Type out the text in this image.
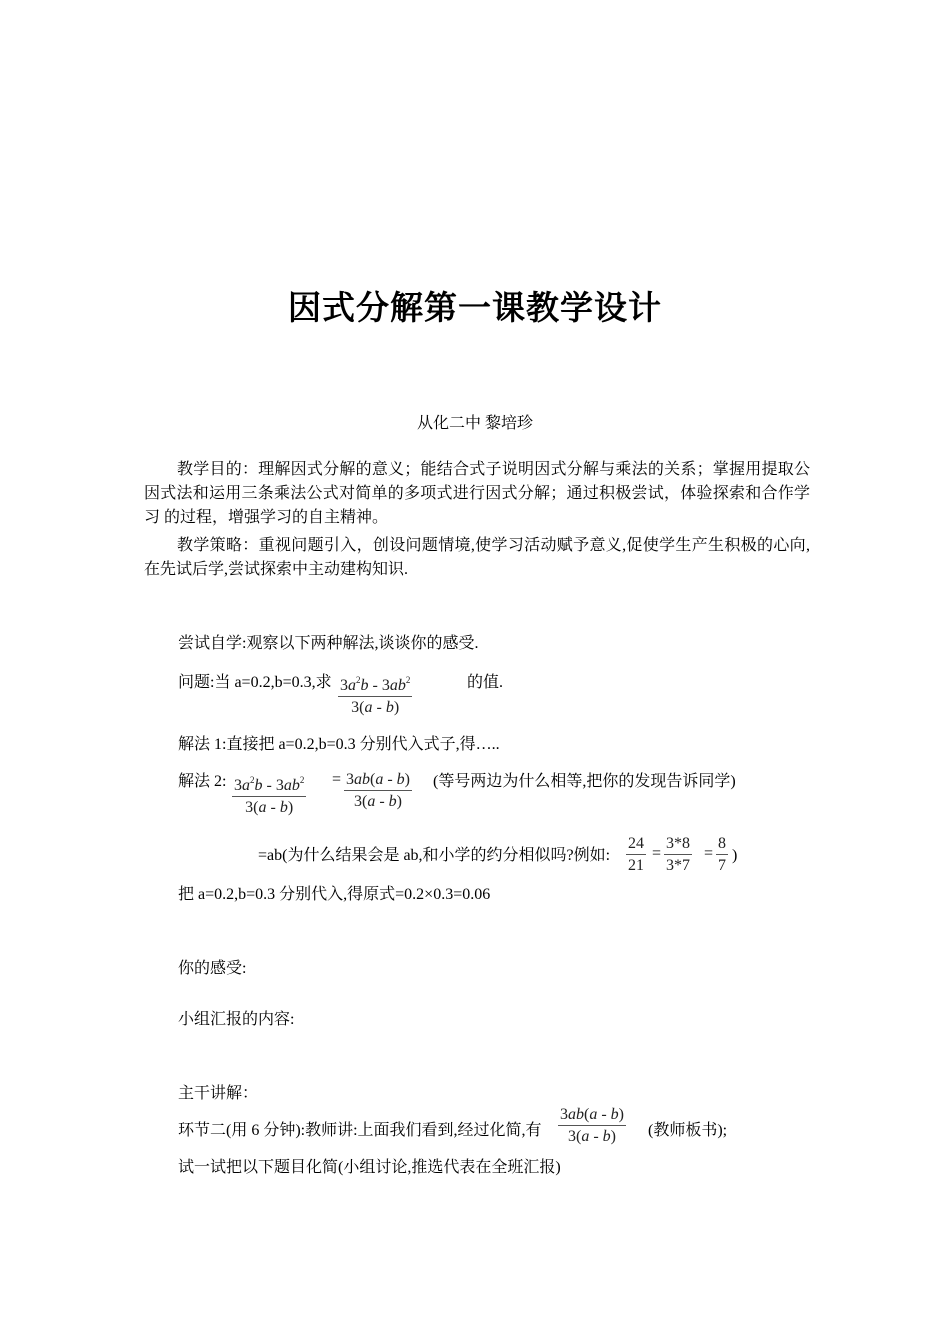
因式分解第一课教学设计
从化二中 黎培珍
教学目的：理解因式分解的意义；能结合式子说明因式分解与乘法的关系；掌握用提取公因式法和运用三条乘法公式对简单的多项式进行因式分解；通过积极尝试，体验探索和合作学习 的过程，增强学习的自主精神。
教学策略：重视问题引入，创设问题情境,使学习活动赋予意义,促使学生产生积极的心向,在先试后学,尝试探索中主动建构知识.
尝试自学:观察以下两种解法,谈谈你的感受.
问题:当 a=0.2,b=0.3,求 $3a^2b - 3ab^2$
3(a - b)
的值.
解法 1:直接把 a=0.2,b=0.3 分别代入式子,得…..
解法 2: $3a^2b - 3ab^2$
3(a - b)
= 3ab(a - b)
3(a - b)
(等号两边为什么相等,把你的发现告诉同学)
=ab(为什么结果会是 ab,和小学的约分相似吗?例如:
24
21
=
3*8
3*7
=
8
7
)
把 a=0.2,b=0.3 分别代入,得原式=0.2×0.3=0.06
你的感受:
小组汇报的内容:
主干讲解：
环节二(用 6 分钟):教师讲:上面我们看到,经过化简,有
3ab(a - b)
3(a - b) (教师板书);
试一试把以下题目化简(小组讨论,推选代表在全班汇报)
